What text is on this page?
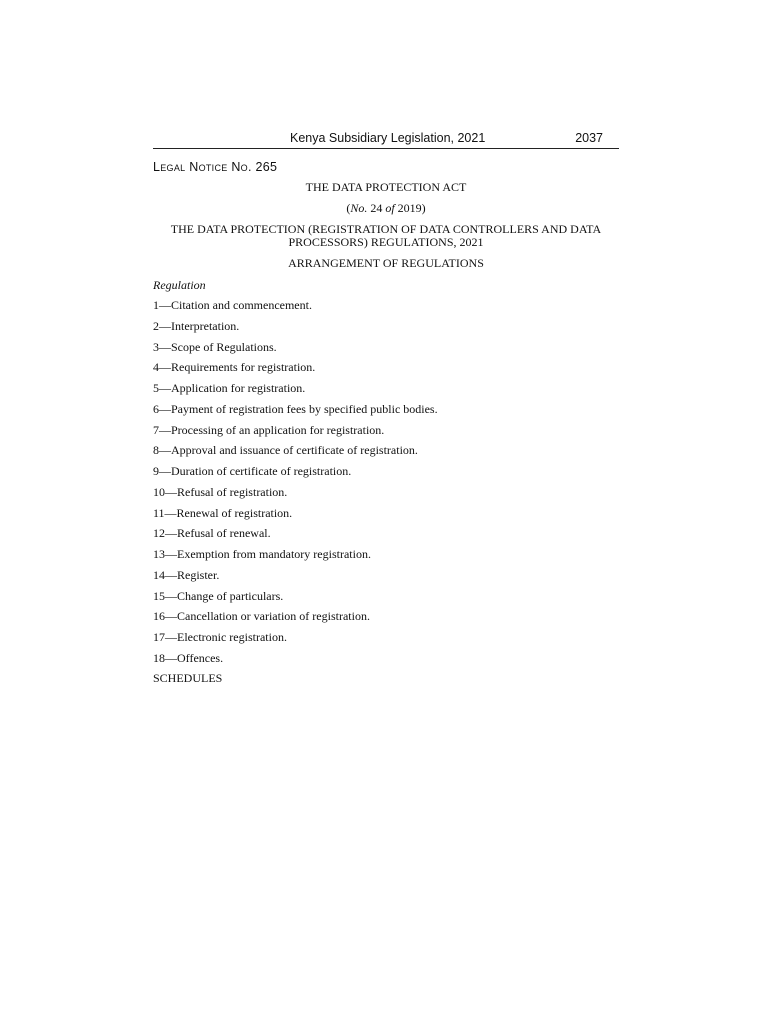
Kenya Subsidiary Legislation, 2021	2037
Legal Notice No. 265
THE DATA PROTECTION ACT
(No. 24 of 2019)
THE DATA PROTECTION (REGISTRATION OF DATA CONTROLLERS AND DATA PROCESSORS) REGULATIONS, 2021
ARRANGEMENT OF REGULATIONS
Regulation
1—Citation and commencement.
2—Interpretation.
3—Scope of Regulations.
4—Requirements for registration.
5—Application for registration.
6—Payment of registration fees by specified public bodies.
7—Processing of an application for registration.
8—Approval and issuance of certificate of registration.
9—Duration of certificate of registration.
10—Refusal of registration.
11—Renewal of registration.
12—Refusal of renewal.
13—Exemption from mandatory registration.
14—Register.
15—Change of particulars.
16—Cancellation or variation of registration.
17—Electronic registration.
18—Offences.
SCHEDULES
